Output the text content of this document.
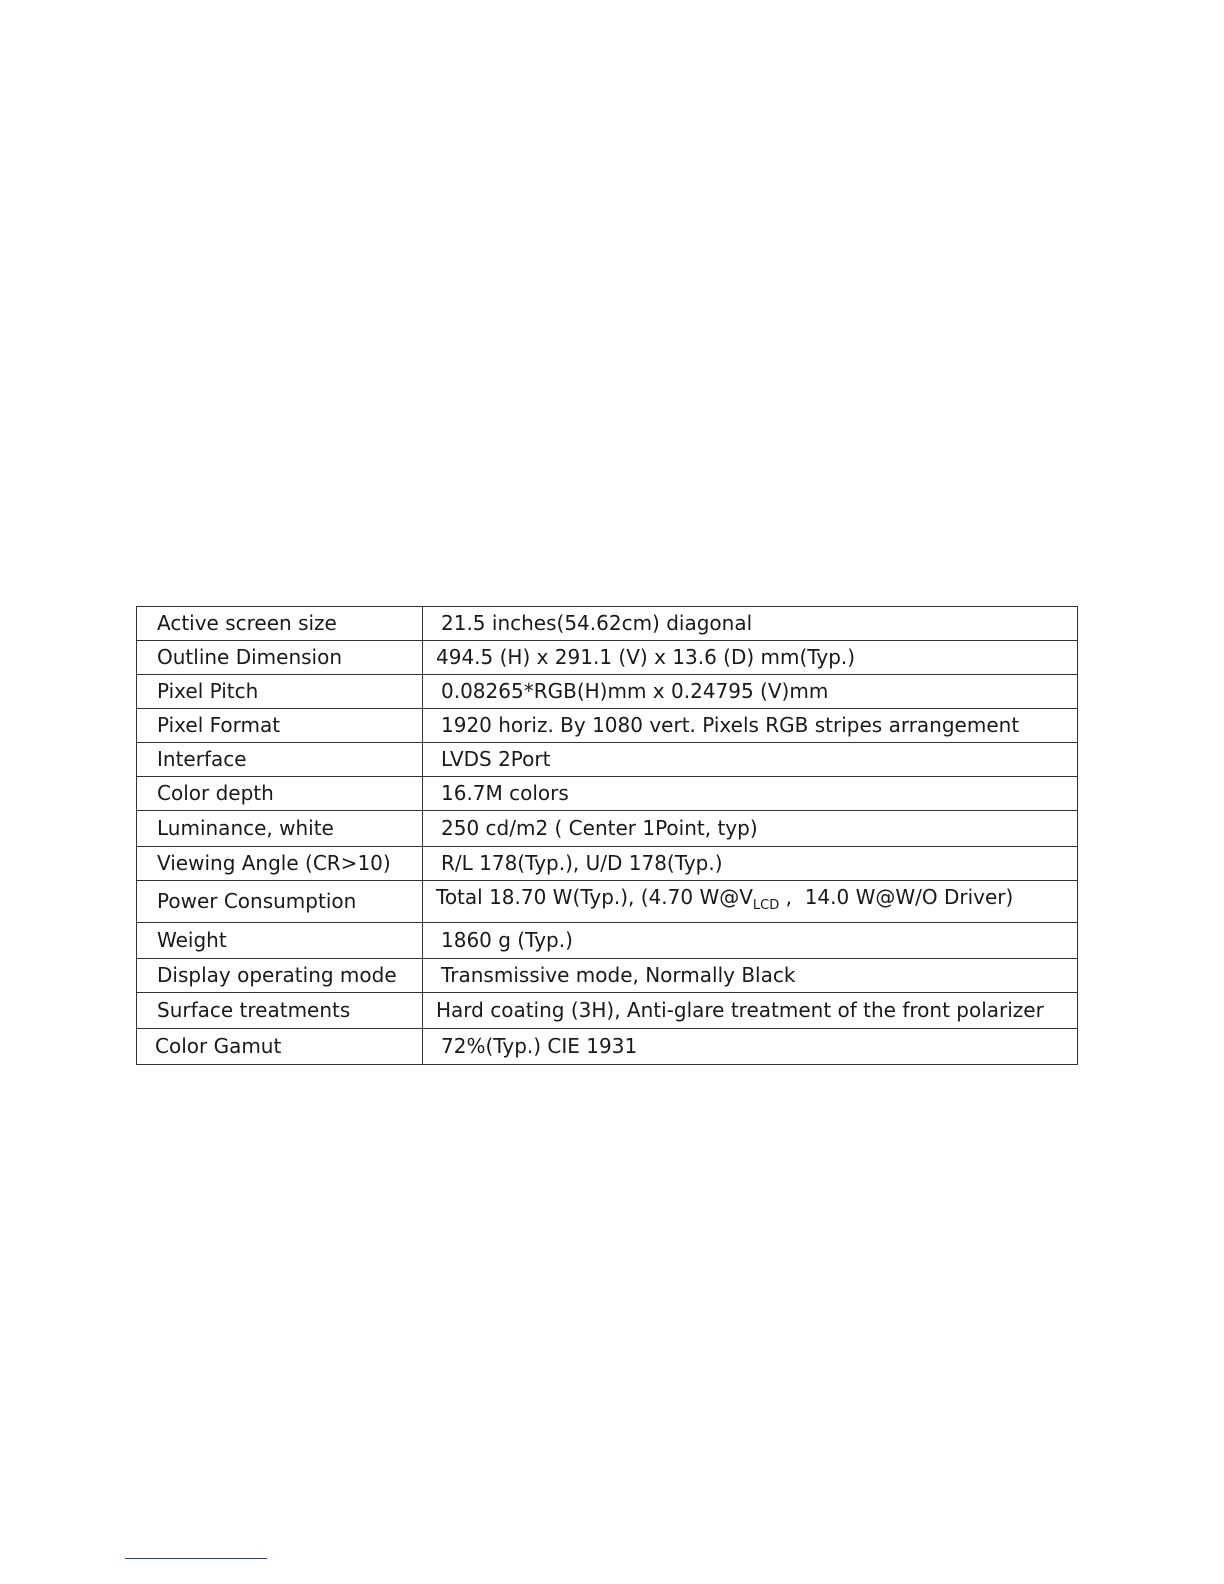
Active screen size	21.5 inches(54.62cm) diagonal
Outline Dimension	494.5 (H) x 291.1 (V) x 13.6 (D) mm(Typ.)
Pixel Pitch	0.08265*RGB(H)mm x 0.24795 (V)mm
Pixel Format	1920 horiz. By 1080 vert. Pixels RGB stripes arrangement
Interface	LVDS 2Port
Color depth	16.7M colors
Luminance, white	250 cd/m2 ( Center 1Point, typ)
Viewing Angle (CR>10)	R/L 178(Typ.), U/D 178(Typ.)
Power Consumption	Total 18.70 W(Typ.), (4.70 $W@V_{LCD}$ ,  14.0 W@W/O Driver)
Weight	1860 g (Typ.)
Display operating mode	Transmissive mode, Normally Black
Surface treatments	Hard coating (3H), Anti-glare treatment of the front polarizer
Color Gamut	72%(Typ.) CIE 1931
